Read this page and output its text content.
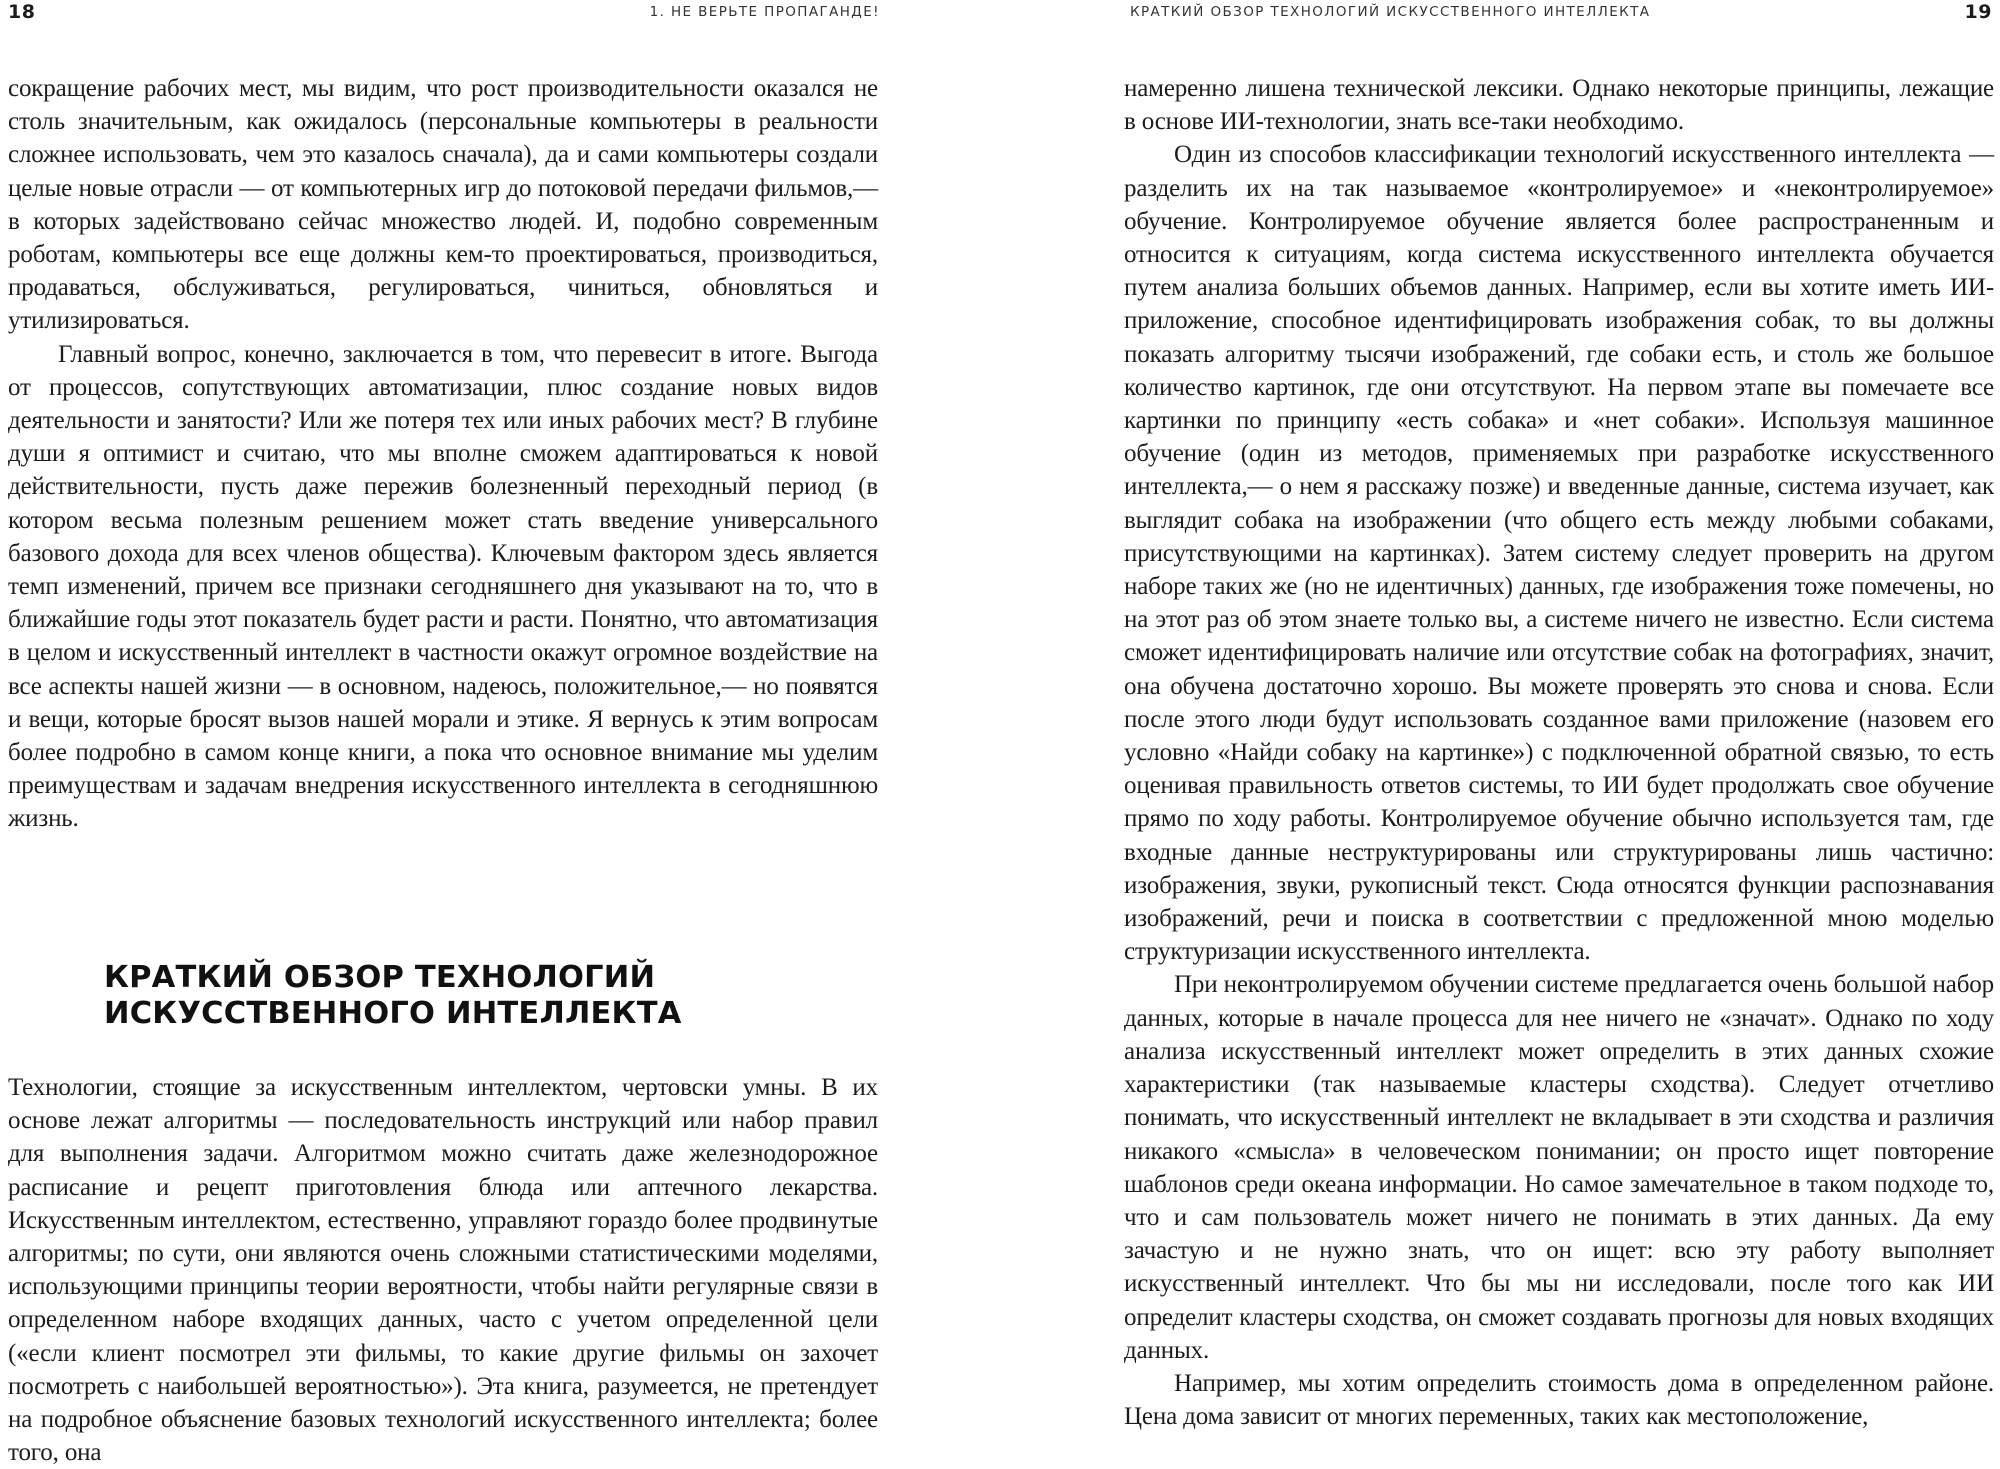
18	1. НЕ ВЕРЬТЕ ПРОПАГАНДЕ!

сокращение рабочих мест, мы видим, что рост производительности оказался не столь значительным, как ожидалось (персональные компьютеры в реальности сложнее использовать, чем это казалось сначала), да и сами компьютеры создали целые новые отрасли — от компьютерных игр до потоковой передачи фильмов,— в которых задействовано сейчас множество людей. И, подобно современным роботам, компьютеры все еще должны кем-то проектироваться, производиться, продаваться, обслуживаться, регулироваться, чиниться, обновляться и утилизироваться.

Главный вопрос, конечно, заключается в том, что перевесит в итоге. Выгода от процессов, сопутствующих автоматизации, плюс создание новых видов деятельности и занятости? Или же потеря тех или иных рабочих мест? В глубине души я оптимист и считаю, что мы вполне сможем адаптироваться к новой действительности, пусть даже пережив болезненный переходный период (в котором весьма полезным решением может стать введение универсального базового дохода для всех членов общества). Ключевым фактором здесь является темп изменений, причем все признаки сегодняшнего дня указывают на то, что в ближайшие годы этот показатель будет расти и расти. Понятно, что автоматизация в целом и искусственный интеллект в частности окажут огромное воздействие на все аспекты нашей жизни — в основном, надеюсь, положительное,— но появятся и вещи, которые бросят вызов нашей морали и этике. Я вернусь к этим вопросам более подробно в самом конце книги, а пока что основное внимание мы уделим преимуществам и задачам внедрения искусственного интеллекта в сегодняшнюю жизнь.

КРАТКИЙ ОБЗОР ТЕХНОЛОГИЙ
ИСКУССТВЕННОГО ИНТЕЛЛЕКТА

Технологии, стоящие за искусственным интеллектом, чертовски умны. В их основе лежат алгоритмы — последовательность инструкций или набор правил для выполнения задачи. Алгоритмом можно считать даже железнодорожное расписание и рецепт приготовления блюда или аптечного лекарства. Искусственным интеллектом, естественно, управляют гораздо более продвинутые алгоритмы; по сути, они являются очень сложными статистическими моделями, использующими принципы теории вероятности, чтобы найти регулярные связи в определенном наборе входящих данных, часто с учетом определенной цели («если клиент посмотрел эти фильмы, то какие другие фильмы он захочет посмотреть с наибольшей вероятностью»). Эта книга, разумеется, не претендует на подробное объяснение базовых технологий искусственного интеллекта; более того, она

КРАТКИЙ ОБЗОР ТЕХНОЛОГИЙ ИСКУССТВЕННОГО ИНТЕЛЛЕКТА	19

намеренно лишена технической лексики. Однако некоторые принципы, лежащие в основе ИИ-технологии, знать все-таки необходимо.

Один из способов классификации технологий искусственного интеллекта — разделить их на так называемое «контролируемое» и «неконтролируемое» обучение. Контролируемое обучение является более распространенным и относится к ситуациям, когда система искусственного интеллекта обучается путем анализа больших объемов данных. Например, если вы хотите иметь ИИ-приложение, способное идентифицировать изображения собак, то вы должны показать алгоритму тысячи изображений, где собаки есть, и столь же большое количество картинок, где они отсутствуют. На первом этапе вы помечаете все картинки по принципу «есть собака» и «нет собаки». Используя машинное обучение (один из методов, применяемых при разработке искусственного интеллекта,— о нем я расскажу позже) и введенные данные, система изучает, как выглядит собака на изображении (что общего есть между любыми собаками, присутствующими на картинках). Затем систему следует проверить на другом наборе таких же (но не идентичных) данных, где изображения тоже помечены, но на этот раз об этом знаете только вы, а системе ничего не известно. Если система сможет идентифицировать наличие или отсутствие собак на фотографиях, значит, она обучена достаточно хорошо. Вы можете проверять это снова и снова. Если после этого люди будут использовать созданное вами приложение (назовем его условно «Найди собаку на картинке») с подключенной обратной связью, то есть оценивая правильность ответов системы, то ИИ будет продолжать свое обучение прямо по ходу работы. Контролируемое обучение обычно используется там, где входные данные неструктурированы или структурированы лишь частично: изображения, звуки, рукописный текст. Сюда относятся функции распознавания изображений, речи и поиска в соответствии с предложенной мною моделью структуризации искусственного интеллекта.

При неконтролируемом обучении системе предлагается очень большой набор данных, которые в начале процесса для нее ничего не «значат». Однако по ходу анализа искусственный интеллект может определить в этих данных схожие характеристики (так называемые кластеры сходства). Следует отчетливо понимать, что искусственный интеллект не вкладывает в эти сходства и различия никакого «смысла» в человеческом понимании; он просто ищет повторение шаблонов среди океана информации. Но самое замечательное в таком подходе то, что и сам пользователь может ничего не понимать в этих данных. Да ему зачастую и не нужно знать, что он ищет: всю эту работу выполняет искусственный интеллект. Что бы мы ни исследовали, после того как ИИ определит кластеры сходства, он сможет создавать прогнозы для новых входящих данных.

Например, мы хотим определить стоимость дома в определенном районе. Цена дома зависит от многих переменных, таких как местоположение,
